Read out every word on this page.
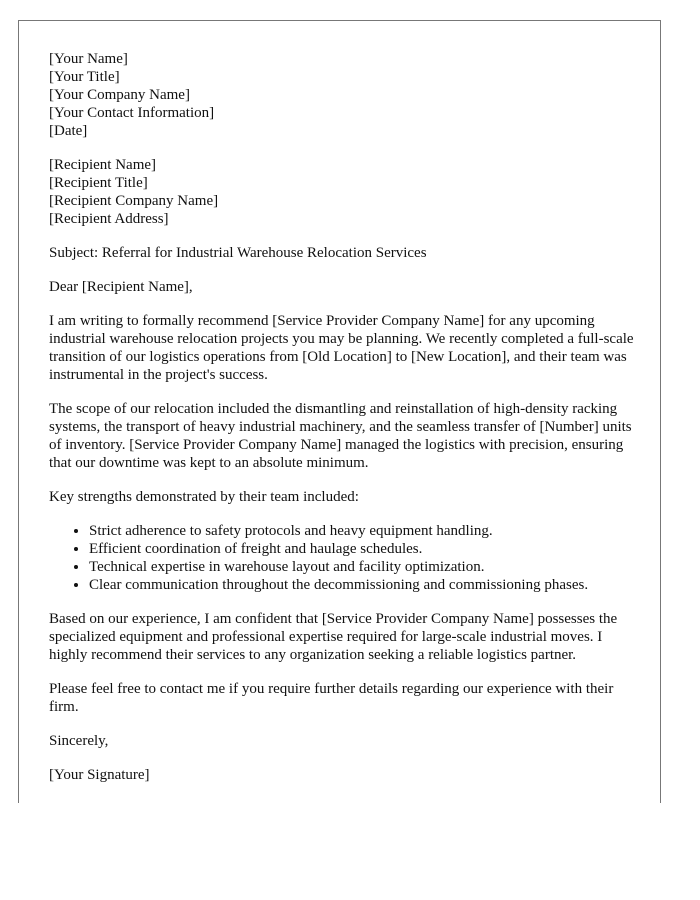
[Your Name]
[Your Title]
[Your Company Name]
[Your Contact Information]
[Date]
[Recipient Name]
[Recipient Title]
[Recipient Company Name]
[Recipient Address]

Subject: Referral for Industrial Warehouse Relocation Services

Dear [Recipient Name],

I am writing to formally recommend [Service Provider Company Name] for any upcoming industrial warehouse relocation projects you may be planning. We recently completed a full-scale transition of our logistics operations from [Old Location] to [New Location], and their team was instrumental in the project's success.

The scope of our relocation included the dismantling and reinstallation of high-density racking systems, the transport of heavy industrial machinery, and the seamless transfer of [Number] units of inventory. [Service Provider Company Name] managed the logistics with precision, ensuring that our downtime was kept to an absolute minimum.

Key strengths demonstrated by their team included:

• Strict adherence to safety protocols and heavy equipment handling.
• Efficient coordination of freight and haulage schedules.
• Technical expertise in warehouse layout and facility optimization.
• Clear communication throughout the decommissioning and commissioning phases.

Based on our experience, I am confident that [Service Provider Company Name] possesses the specialized equipment and professional expertise required for large-scale industrial moves. I highly recommend their services to any organization seeking a reliable logistics partner.

Please feel free to contact me if you require further details regarding our experience with their firm.

Sincerely,

[Your Signature]
